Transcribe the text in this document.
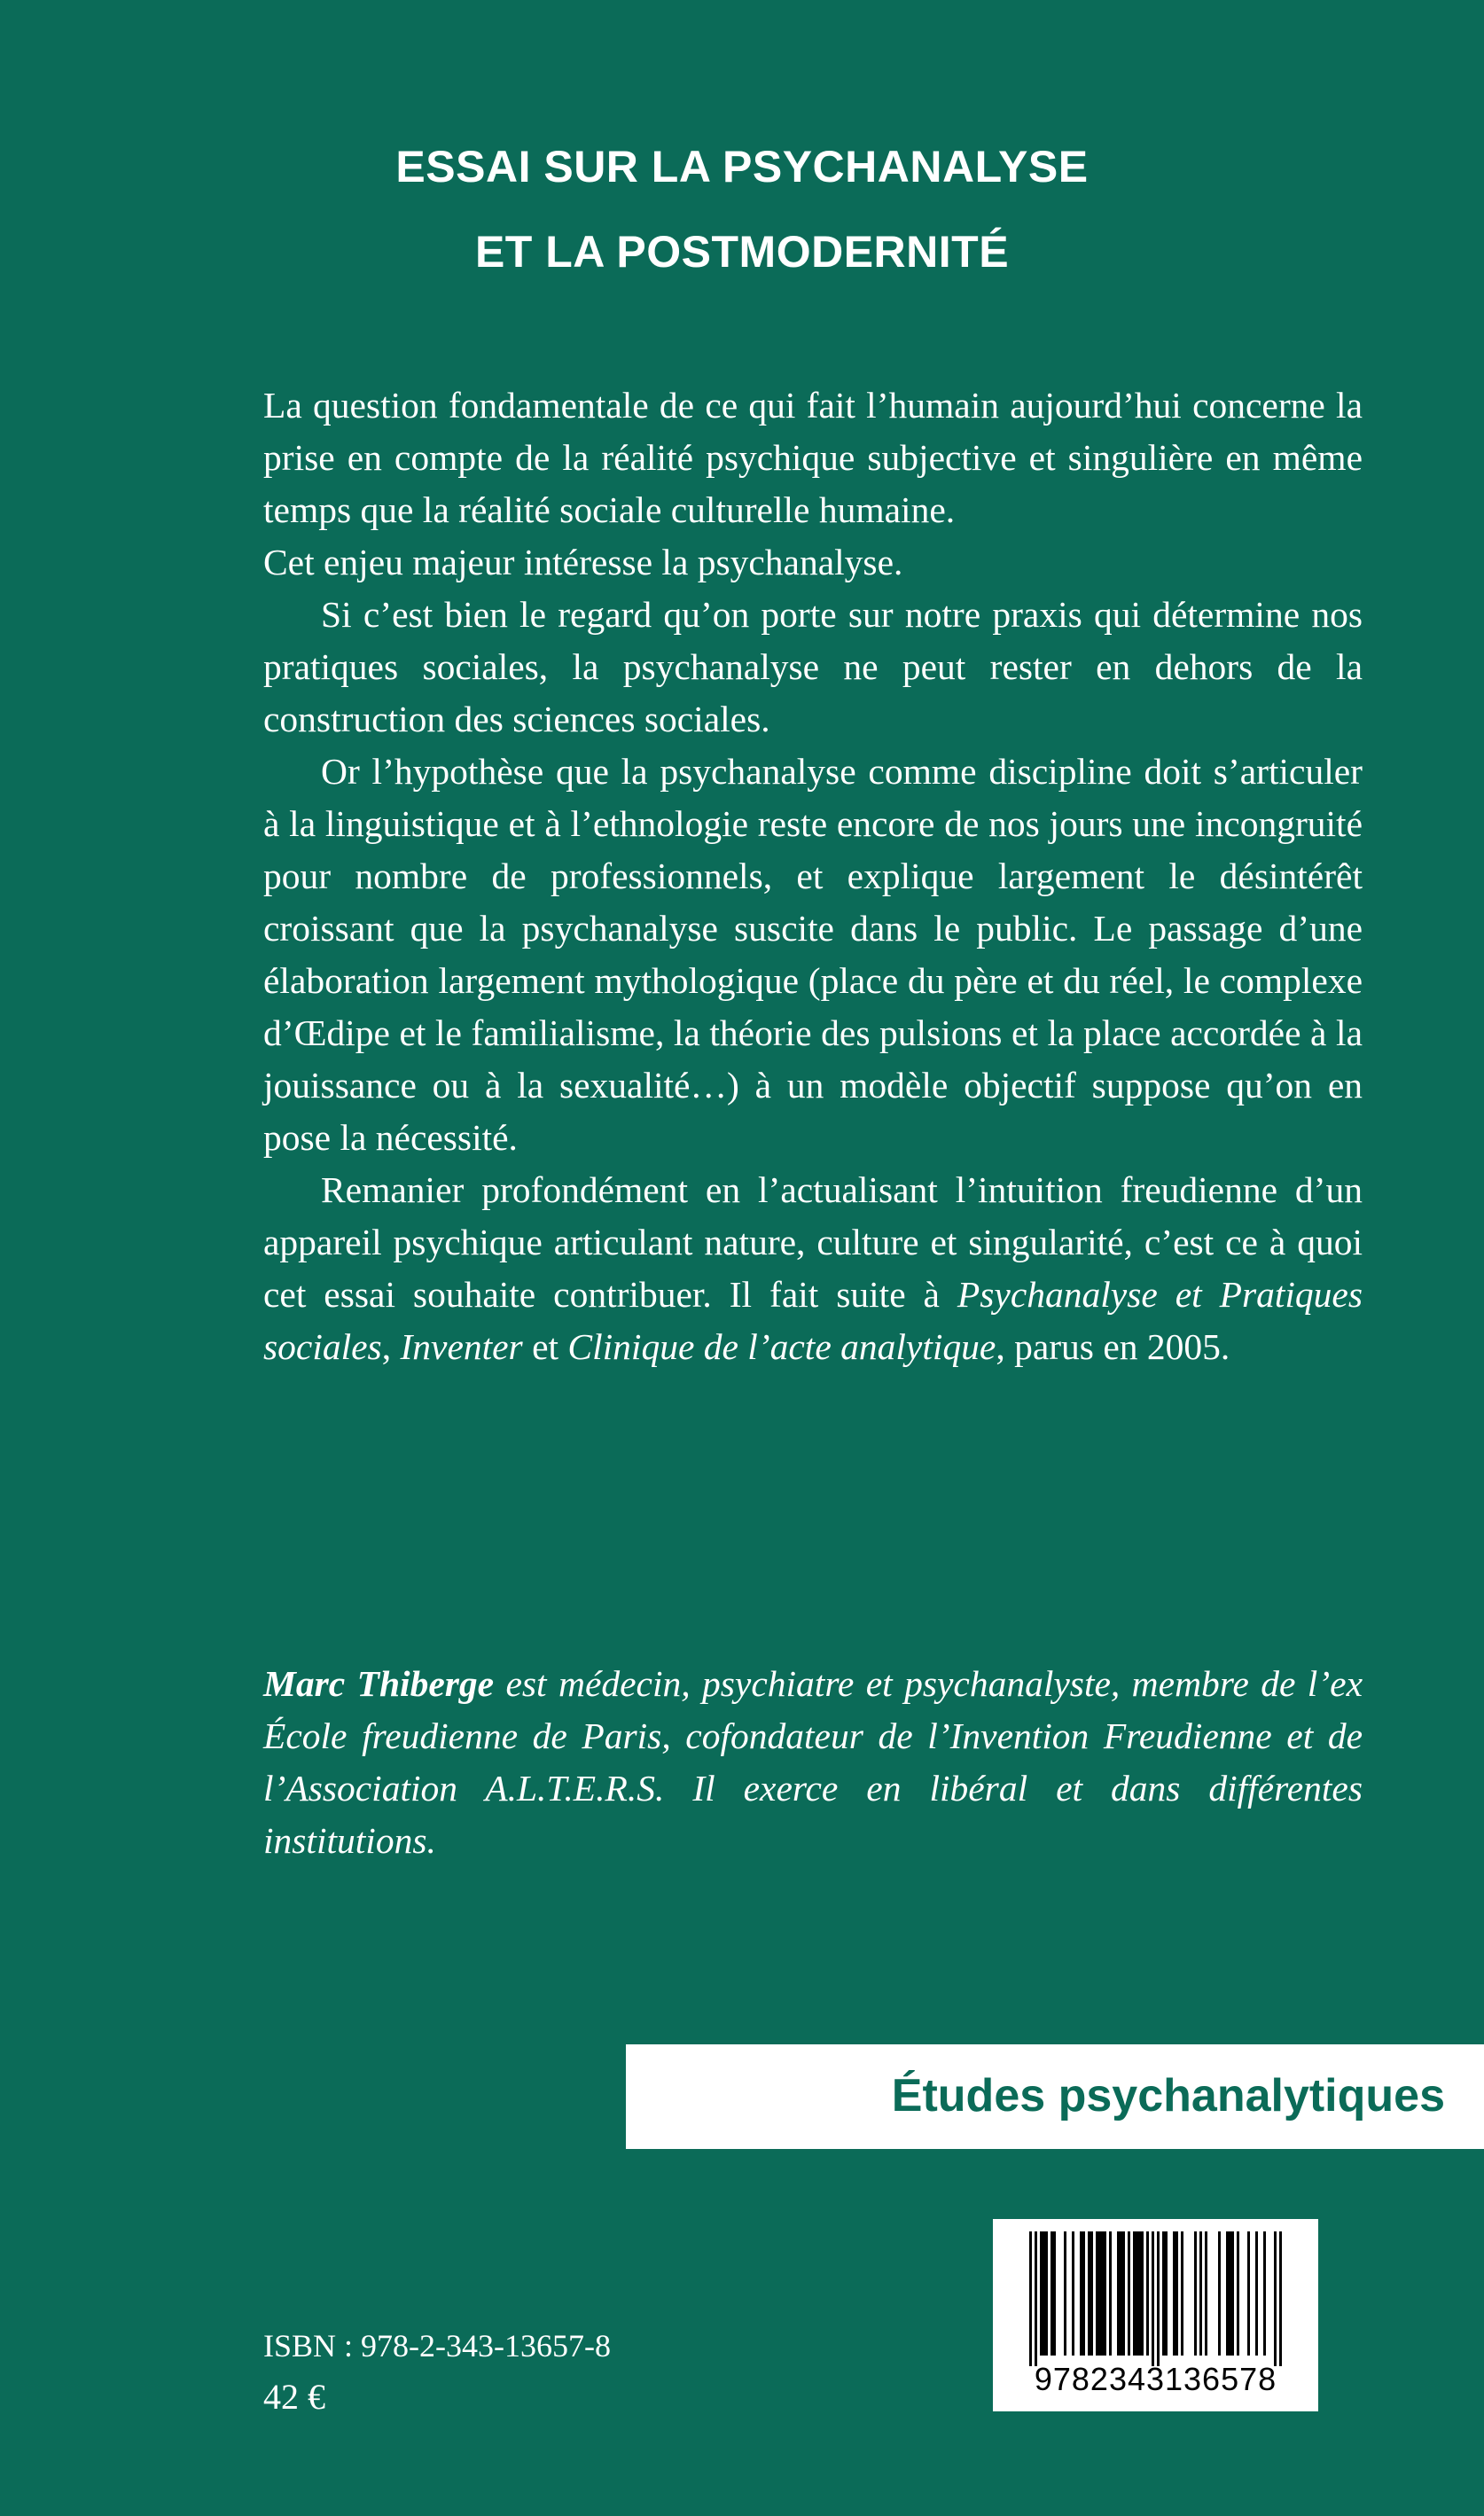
ESSAI SUR LA PSYCHANALYSE
ET LA POSTMODERNITÉ

La question fondamentale de ce qui fait l’humain aujourd’hui concerne la prise en compte de la réalité psychique subjective et singulière en même temps que la réalité sociale culturelle humaine.

Cet enjeu majeur intéresse la psychanalyse.

Si c’est bien le regard qu’on porte sur notre praxis qui détermine nos pratiques sociales, la psychanalyse ne peut rester en dehors de la construction des sciences sociales.

Or l’hypothèse que la psychanalyse comme discipline doit s’articuler à la linguistique et à l’ethnologie reste encore de nos jours une incongruité pour nombre de professionnels, et explique largement le désintérêt croissant que la psychanalyse suscite dans le public. Le passage d’une élaboration largement mythologique (place du père et du réel, le complexe d’Œdipe et le familialisme, la théorie des pulsions et la place accordée à la jouissance ou à la sexualité…) à un modèle objectif suppose qu’on en pose la nécessité.

Remanier profondément en l’actualisant l’intuition freudienne d’un appareil psychique articulant nature, culture et singularité, c’est ce à quoi cet essai souhaite contribuer. Il fait suite à Psychanalyse et Pratiques sociales, Inventer et Clinique de l’acte analytique, parus en 2005.

Marc Thiberge est médecin, psychiatre et psychanalyste, membre de l’ex École freudienne de Paris, cofondateur de l’Invention Freudienne et de l’Association A.L.T.E.R.S. Il exerce en libéral et dans différentes institutions.
Études psychanalytiques
9782343136578
ISBN : 978-2-343-13657-8
42 €
